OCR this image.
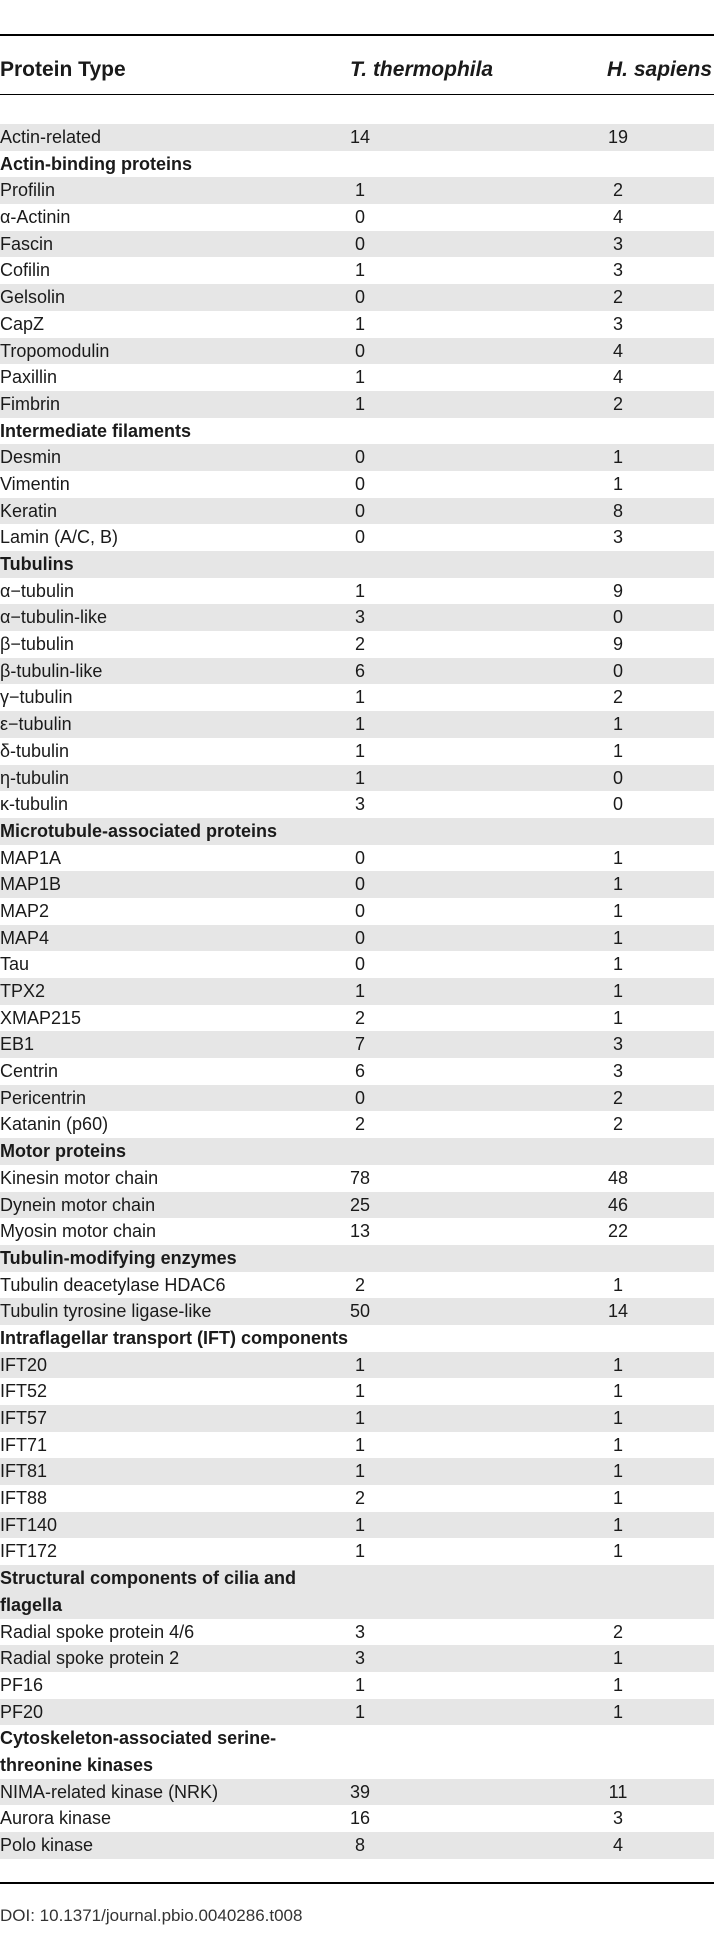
Protein Type	T. thermophila	H. sapiens
Actin-related	14	19
Actin-binding proteins
Profilin	1	2
α-Actinin	0	4
Fascin	0	3
Cofilin	1	3
Gelsolin	0	2
CapZ	1	3
Tropomodulin	0	4
Paxillin	1	4
Fimbrin	1	2
Intermediate filaments
Desmin	0	1
Vimentin	0	1
Keratin	0	8
Lamin (A/C, B)	0	3
Tubulins
α−tubulin	1	9
α−tubulin-like	3	0
β−tubulin	2	9
β-tubulin-like	6	0
γ−tubulin	1	2
ε−tubulin	1	1
δ-tubulin	1	1
η-tubulin	1	0
κ-tubulin	3	0
Microtubule-associated proteins
MAP1A	0	1
MAP1B	0	1
MAP2	0	1
MAP4	0	1
Tau	0	1
TPX2	1	1
XMAP215	2	1
EB1	7	3
Centrin	6	3
Pericentrin	0	2
Katanin (p60)	2	2
Motor proteins
Kinesin motor chain	78	48
Dynein motor chain	25	46
Myosin motor chain	13	22
Tubulin-modifying enzymes
Tubulin deacetylase HDAC6	2	1
Tubulin tyrosine ligase-like	50	14
Intraflagellar transport (IFT) components
IFT20	1	1
IFT52	1	1
IFT57	1	1
IFT71	1	1
IFT81	1	1
IFT88	2	1
IFT140	1	1
IFT172	1	1
Structural components of cilia and flagella
Radial spoke protein 4/6	3	2
Radial spoke protein 2	3	1
PF16	1	1
PF20	1	1
Cytoskeleton-associated serine-threonine kinases
NIMA-related kinase (NRK)	39	11
Aurora kinase	16	3
Polo kinase	8	4
DOI: 10.1371/journal.pbio.0040286.t008
